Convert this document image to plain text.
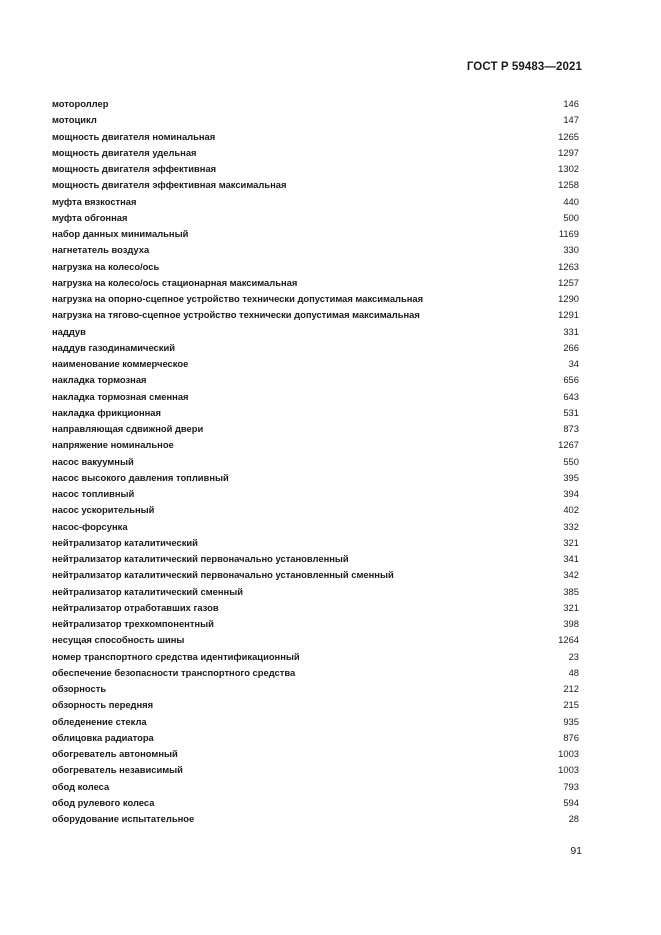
ГОСТ Р 59483—2021
мотороллер	146
мотоцикл	147
мощность двигателя номинальная	1265
мощность двигателя удельная	1297
мощность двигателя эффективная	1302
мощность двигателя эффективная максимальная	1258
муфта вязкостная	440
муфта обгонная	500
набор данных минимальный	1169
нагнетатель воздуха	330
нагрузка на колесо/ось	1263
нагрузка на колесо/ось стационарная максимальная	1257
нагрузка на опорно-сцепное устройство технически допустимая максимальная	1290
нагрузка на тягово-сцепное устройство технически допустимая максимальная	1291
наддув	331
наддув газодинамический	266
наименование коммерческое	34
накладка тормозная	656
накладка тормозная сменная	643
накладка фрикционная	531
направляющая сдвижной двери	873
напряжение номинальное	1267
насос вакуумный	550
насос высокого давления топливный	395
насос топливный	394
насос ускорительный	402
насос-форсунка	332
нейтрализатор каталитический	321
нейтрализатор каталитический первоначально установленный	341
нейтрализатор каталитический первоначально установленный сменный	342
нейтрализатор каталитический сменный	385
нейтрализатор отработавших газов	321
нейтрализатор трехкомпонентный	398
несущая способность шины	1264
номер транспортного средства идентификационный	23
обеспечение безопасности транспортного средства	48
обзорность	212
обзорность передняя	215
обледенение стекла	935
облицовка радиатора	876
обогреватель автономный	1003
обогреватель независимый	1003
обод колеса	793
обод рулевого колеса	594
оборудование испытательное	28
91
